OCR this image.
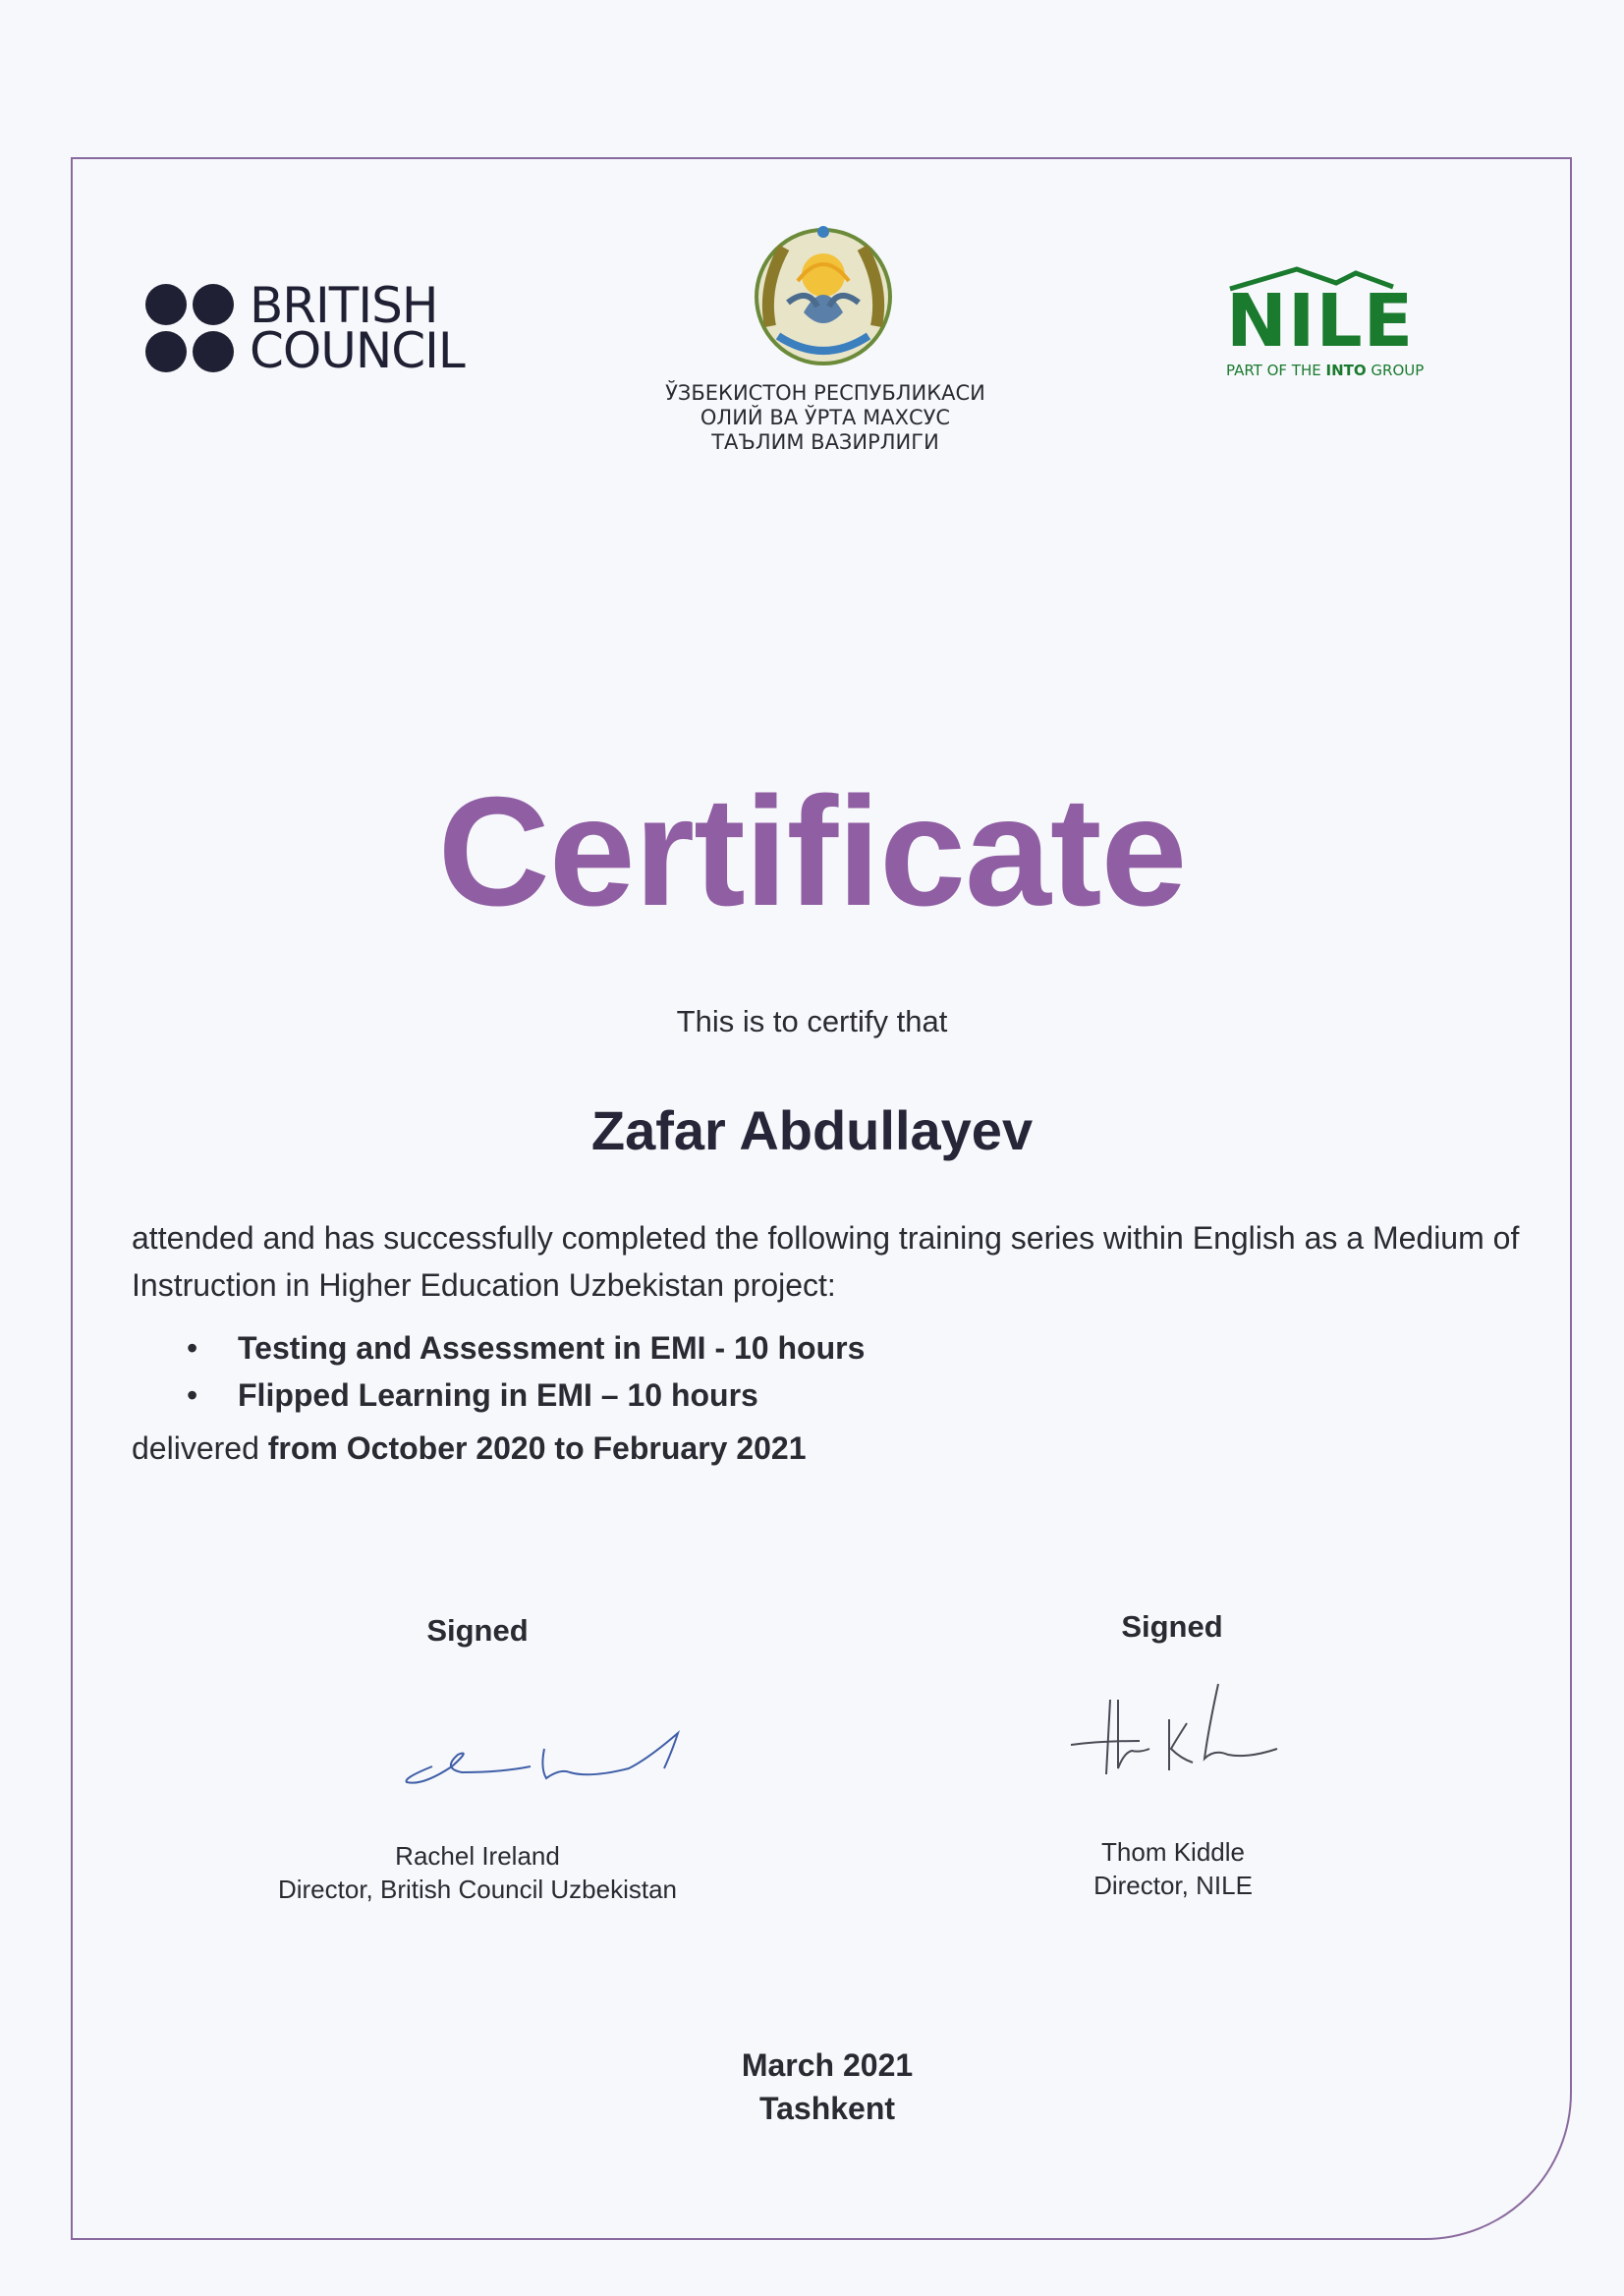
BRITISH
COUNCIL
ЎЗБЕКИСТОН РЕСПУБЛИКАСИ
ОЛИЙ ВА ЎРТА МАХСУС
ТАЪЛИМ ВАЗИРЛИГИ
NILE
PART OF THE INTO GROUP
Certificate
This is to certify that
Zafar Abdullayev
attended and has successfully completed the following training series within English as a Medium of Instruction in Higher Education Uzbekistan project:
• Testing and Assessment in EMI - 10 hours
• Flipped Learning in EMI – 10 hours
delivered from October 2020 to February 2021
Signed
Rachel Ireland
Director, British Council Uzbekistan
Signed
Thom Kiddle
Director, NILE
March 2021
Tashkent
